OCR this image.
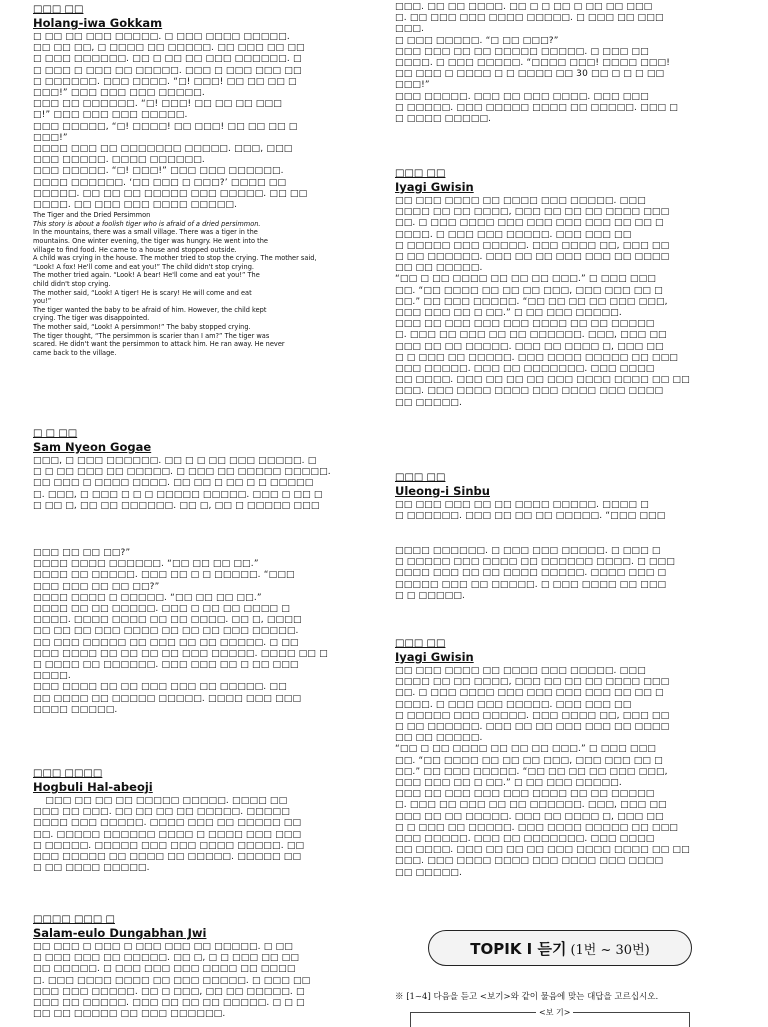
□□□ □□

Holang-iwa Gokkam

□ □□ □□ □□□ □□□□□. □ □□□ □□□□ □□□□□.

□□ □□ □□, □ □□□□ □□ □□□□□. □□ □□□ □□ □□

□ □□□ □□□□□□. □□ □ □□ □□ □□□ □□□□□□. □

□ □□□ □ □□□ □□ □□□□□. □□□ □ □□□ □□□ □□

□ □□□□□□. □□□ □□□□. “□! □□□! □□ □□ □□ □

□□□!” □□□ □□□ □□□ □□□□□.

□□□ □□ □□□□□□. “□! □□□! □□ □□ □□ □□□

□!” □□□ □□□ □□□ □□□□□.

□□□ □□□□□, “□! □□□□! □□ □□□! □□ □□ □□ □

□□□!”

□□□□ □□□ □□ □□□□□□□ □□□□□. □□□, □□□

□□□ □□□□□. □□□□ □□□□□□.

□□□ □□□□□. “□! □□□!” □□□ □□□ □□□□□□.

□□□□ □□□□□□. ‘□□ □□□ □ □□□?’ □□□□ □□

□□□□□. □□ □□ □□ □□□□□ □□□ □□□□□. □□ □□

□□□□. □□ □□□ □□□ □□□□ □□□□□.

The Tiger and the Dried Persimmon

This story is about a foolish tiger who is afraid of a dried persimmon.

In the mountains, there was a small village. There was a tiger in the

mountains. One winter evening, the tiger was hungry. He went into the

village to find food. He came to a house and stopped outside.

A child was crying in the house. The mother tried to stop the crying. The mother said,

“Look! A fox! He'll come and eat you!” The child didn't stop crying.

The mother tried again. “Look! A bear! He'll come and eat you!” The

child didn't stop crying.

The mother said, “Look! A tiger! He is scary! He will come and eat

you!”

The tiger wanted the baby to be afraid of him. However, the child kept

crying. The tiger was disappointed.

The mother said, “Look! A persimmon!” The baby stopped crying.

The tiger thought, “The persimmon is scarier than I am?” The tiger was

scared. He didn't want the persimmon to attack him. He ran away. He never

came back to the village.

□ □ □□

Sam Nyeon Gogae

□□□, □ □□□ □□□□□□. □□ □ □ □□ □□□ □□□□□. □

□ □ □□ □□□ □□ □□□□□. □ □□□ □□ □□□□□ □□□□□.

□□ □□□ □ □□□□ □□□□. □□ □□ □ □□ □ □ □□□□□

□. □□□, □ □□□ □ □ □ □□□□□ □□□□□. □□□ □ □□ □

□ □□ □, □□ □□ □□□□□□. □□ □, □□ □ □□□□□ □□□

□□□ □□ □□ □□?”

□□□□ □□□□ □□□□□□. “□□ □□ □□ □□.”

□□□□ □□ □□□□□. □□□ □□ □ □ □□□□□. “□□□

□□□ □□□ □□ □□ □□?”

□□□□ □□□□ □ □□□□□. “□□ □□ □□ □□.”

□□□□ □□ □□ □□□□□. □□□ □ □□ □□ □□□□ □

□□□□. □□□□ □□□□ □□ □□ □□□□. □□ □, □□□□

□□ □□ □□ □□□ □□□□ □□ □□ □□ □□□ □□□□□.

□□ □□□ □□□□□ □□ □□□ □□ □□ □□□□□. □ □□

□□□ □□□□ □□ □□ □□ □□ □□□ □□□□□. □□□□ □□ □

□ □□□□ □□ □□□□□□. □□□ □□□ □□ □ □□ □□□

□□□□.

□□□ □□□□ □□ □□ □□□ □□□ □□ □□□□□. □□

□□ □□□□ □□ □□□□□ □□□□□. □□□□ □□□ □□□

□□□□ □□□□□.

□□□ □□□□

Hogbuli Hal-abeoji

　 □□□ □□ □□ □□ □□□□□ □□□□□. □□□□ □□

□□□ □□ □□□. □□ □□ □□ □□ □□□□□. □□□□□

□□□□ □□□ □□□□□. □□□□ □□□ □□ □□□□□ □□

□□. □□□□□ □□□□□□ □□□□ □ □□□□ □□□ □□□

□ □□□□□. □□□□□ □□□ □□□ □□□□ □□□□□. □□

□□□ □□□□□ □□ □□□□ □□ □□□□□. □□□□□ □□

□ □□ □□□□ □□□□□.

□□□□ □□□ □

Salam-eulo Dungabhan Jwi

□□ □□□ □ □□□ □ □□□ □□□ □□ □□□□□. □ □□

□ □□□ □□□ □□ □□□□□. □□ □, □ □ □□□ □□ □□

□□ □□□□□. □ □□□ □□□ □□□ □□□□ □□ □□□□

□. □□□ □□□□ □□□□ □□ □□□ □□□□□. □ □□□ □□

□□□ □□□ □□□□□. □□ □ □□□, □□ □□ □□□□□. □

□□□ □□ □□□□□. □□□ □□ □□ □□ □□□□□. □ □ □

□□ □□ □□□□□ □□ □□□ □□□□□□.

□□□. □□ □□ □□□□. □□ □ □ □□ □ □□ □□ □□□

□. □□ □□□ □□□ □□□□ □□□□□. □ □□□ □□ □□□

□□□.

□ □□□ □□□□□. “□ □□ □□□?”

□□□ □□□ □□ □□ □□□□□ □□□□□. □ □□□ □□

□□□□. □ □□□ □□□□□. “□□□□ □□□! □□□□ □□□!

□□ □□□ □ □□□□ □ □ □□□□ □□ 30 □□ □ □ □ □□

□□□!”

□□□ □□□□□. □□□ □□ □□□ □□□□. □□□ □□□

□ □□□□□. □□□ □□□□□ □□□□ □□ □□□□□. □□□ □

□ □□□□ □□□□□.

□□□ □□

Iyagi Gwisin

□□ □□□ □□□□ □□ □□□□ □□□ □□□□□. □□□

□□□□ □□ □□ □□□□, □□□ □□ □□ □□ □□□□ □□□

□□. □ □□□ □□□□ □□□ □□□ □□□ □□□ □□ □□ □

□□□□. □ □□□ □□□ □□□□□. □□□ □□□ □□

□ □□□□□ □□□ □□□□□. □□□ □□□□ □□, □□□ □□

□ □□ □□□□□□. □□□ □□ □□ □□□ □□□ □□ □□□□

□□ □□ □□□□□.

“□□ □ □□ □□□□ □□ □□ □□ □□□.” □ □□□ □□□

□□. “□□ □□□□ □□ □□ □□ □□□, □□□ □□□ □□ □

□□.” □□ □□□ □□□□□. “□□ □□ □□ □□ □□□ □□□,

□□□ □□□ □□ □ □□.” □ □□ □□□ □□□□□.

□□□ □□ □□□ □□□ □□□ □□□□ □□ □□ □□□□□

□. □□□ □□ □□□ □□ □□ □□□□□□. □□□, □□□ □□

□□□ □□ □□ □□□□□. □□□ □□ □□□□ □, □□□ □□

□ □ □□□ □□ □□□□□. □□□ □□□□ □□□□□ □□ □□□

□□□ □□□□□. □□□ □□ □□□□□□□. □□□ □□□□

□□ □□□□. □□□ □□ □□ □□ □□□ □□□□ □□□□ □□ □□

□□□. □□□ □□□□ □□□□ □□□ □□□□ □□□ □□□□

□□ □□□□□.

□□□ □□

Uleong-i Sinbu

□□ □□□ □□□ □□ □□ □□□□ □□□□□. □□□□ □

□ □□□□□□. □□□ □□ □□ □□ □□□□□. “□□□ □□□

□□□□ □□□□□□. □ □□□ □□□ □□□□□. □ □□□ □

□ □□□□□ □□□ □□□□ □□ □□□□□□ □□□□. □ □□□

□□□□ □□□ □□ □□ □□□□ □□□□□. □□□□ □□□ □

□□□□□ □□□ □□ □□□□□. □ □□□ □□□□ □□ □□□

□ □ □□□□□.

□□□ □□

Iyagi Gwisin

□□ □□□ □□□□ □□ □□□□ □□□ □□□□□. □□□

□□□□ □□ □□ □□□□, □□□ □□ □□ □□ □□□□ □□□

□□. □ □□□ □□□□ □□□ □□□ □□□ □□□ □□ □□ □

□□□□. □ □□□ □□□ □□□□□. □□□ □□□ □□

□ □□□□□ □□□ □□□□□. □□□ □□□□ □□, □□□ □□

□ □□ □□□□□□. □□□ □□ □□ □□□ □□□ □□ □□□□

□□ □□ □□□□□.

“□□ □ □□ □□□□ □□ □□ □□ □□□.” □ □□□ □□□

□□. “□□ □□□□ □□ □□ □□ □□□, □□□ □□□ □□ □

□□.” □□ □□□ □□□□□. “□□ □□ □□ □□ □□□ □□□,

□□□ □□□ □□ □ □□.” □ □□ □□□ □□□□□.

□□□ □□ □□□ □□□ □□□ □□□□ □□ □□ □□□□□

□. □□□ □□ □□□ □□ □□ □□□□□□. □□□, □□□ □□

□□□ □□ □□ □□□□□. □□□ □□ □□□□ □, □□□ □□

□ □ □□□ □□ □□□□□. □□□ □□□□ □□□□□ □□ □□□

□□□ □□□□□. □□□ □□ □□□□□□□. □□□ □□□□

□□ □□□□. □□□ □□ □□ □□ □□□ □□□□ □□□□ □□ □□

□□□. □□□ □□□□ □□□□ □□□ □□□□ □□□ □□□□

□□ □□□□□.

TOPIK Ⅰ 듣기 (1번 ~ 30번)

※ [1~4] 다음을 듣고 <보기>와 같이 물음에 맞는 대답을 고르십시오.

<보 기>
